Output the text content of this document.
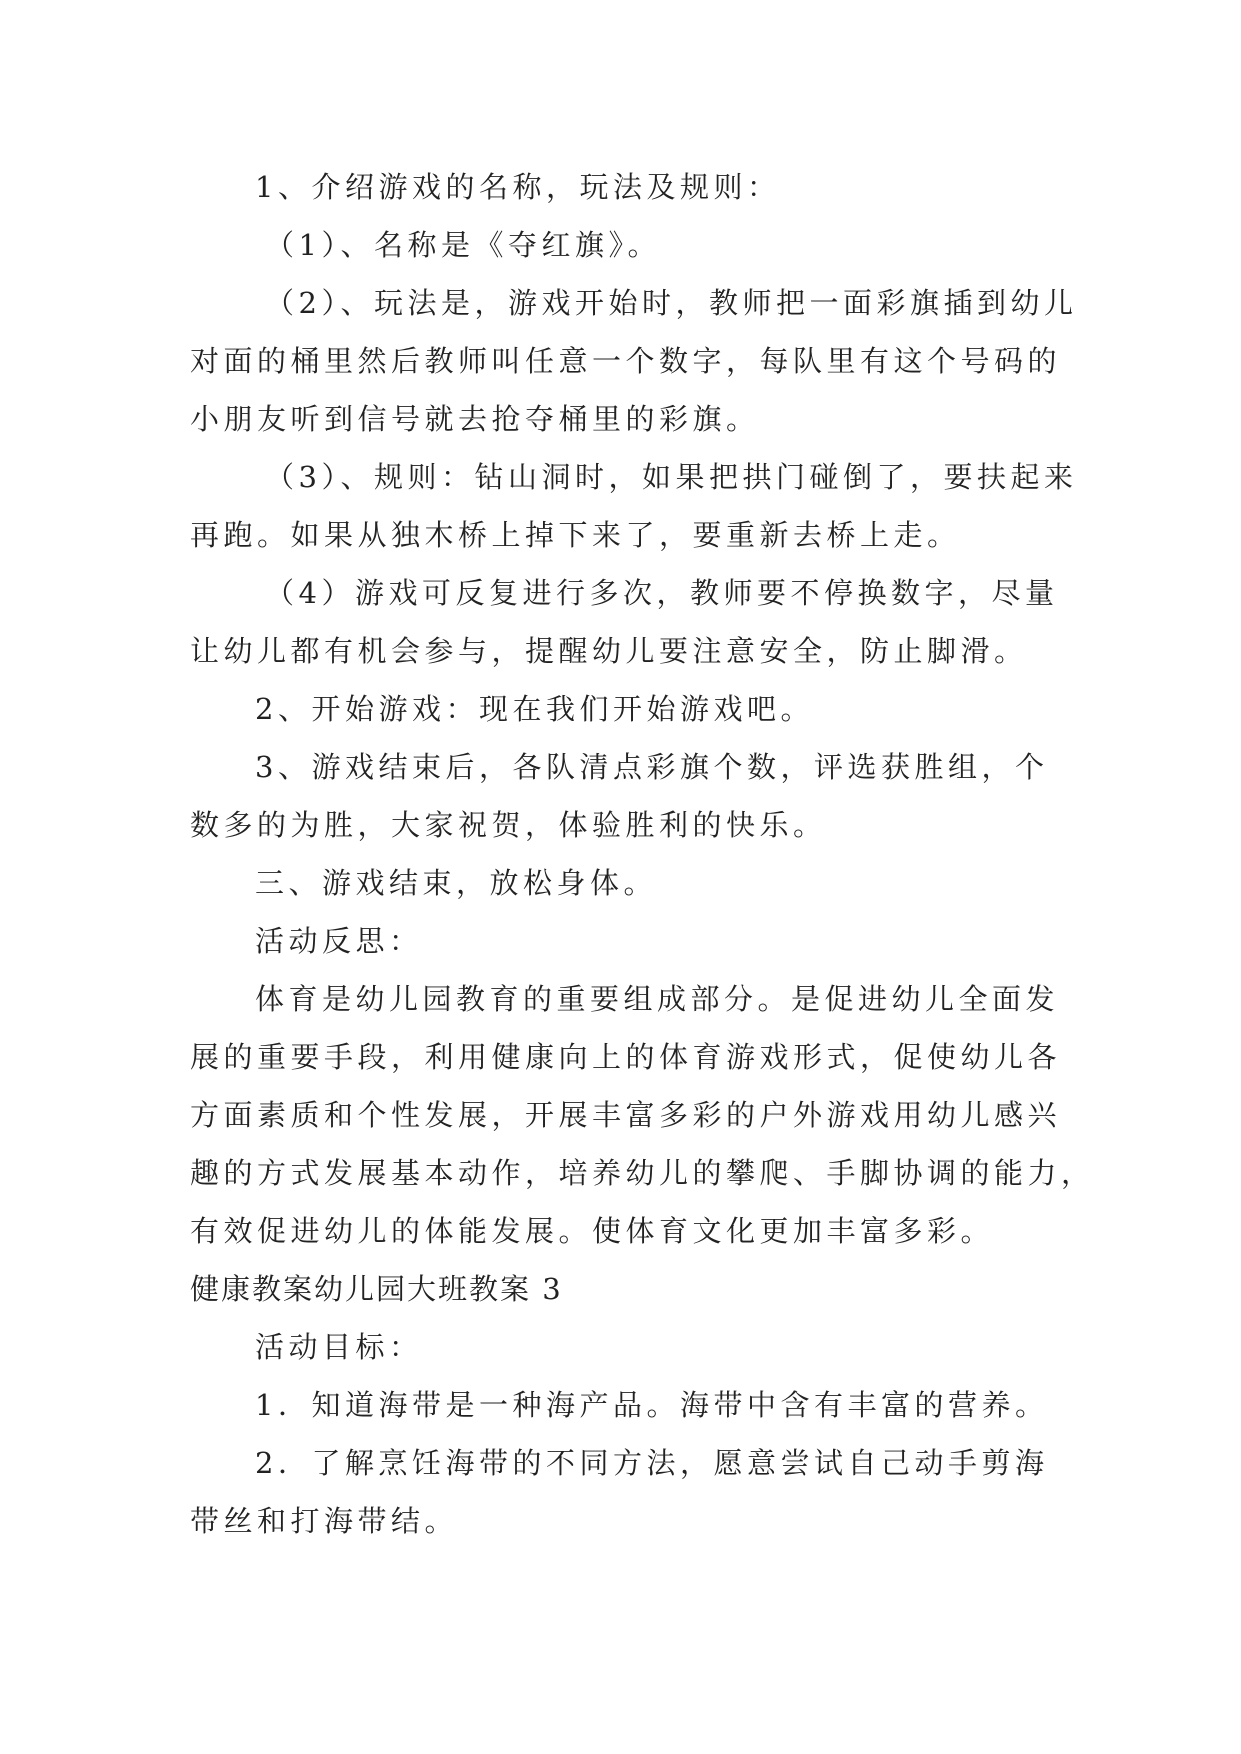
1、介绍游戏的名称，玩法及规则：
（1）、名称是《夺红旗》。
（2）、玩法是，游戏开始时，教师把一面彩旗插到幼儿
对面的桶里然后教师叫任意一个数字，每队里有这个号码的
小朋友听到信号就去抢夺桶里的彩旗。
（3）、规则：钻山洞时，如果把拱门碰倒了，要扶起来
再跑。如果从独木桥上掉下来了，要重新去桥上走。
（4）游戏可反复进行多次，教师要不停换数字，尽量
让幼儿都有机会参与，提醒幼儿要注意安全，防止脚滑。
2、开始游戏：现在我们开始游戏吧。
3、游戏结束后，各队清点彩旗个数，评选获胜组，个
数多的为胜，大家祝贺，体验胜利的快乐。
三、游戏结束，放松身体。
活动反思：
体育是幼儿园教育的重要组成部分。是促进幼儿全面发
展的重要手段，利用健康向上的体育游戏形式，促使幼儿各
方面素质和个性发展，开展丰富多彩的户外游戏用幼儿感兴
趣的方式发展基本动作，培养幼儿的攀爬、手脚协调的能力，
有效促进幼儿的体能发展。使体育文化更加丰富多彩。
健康教案幼儿园大班教案 3
活动目标：
1．知道海带是一种海产品。海带中含有丰富的营养。
2．了解烹饪海带的不同方法，愿意尝试自己动手剪海
带丝和打海带结。
